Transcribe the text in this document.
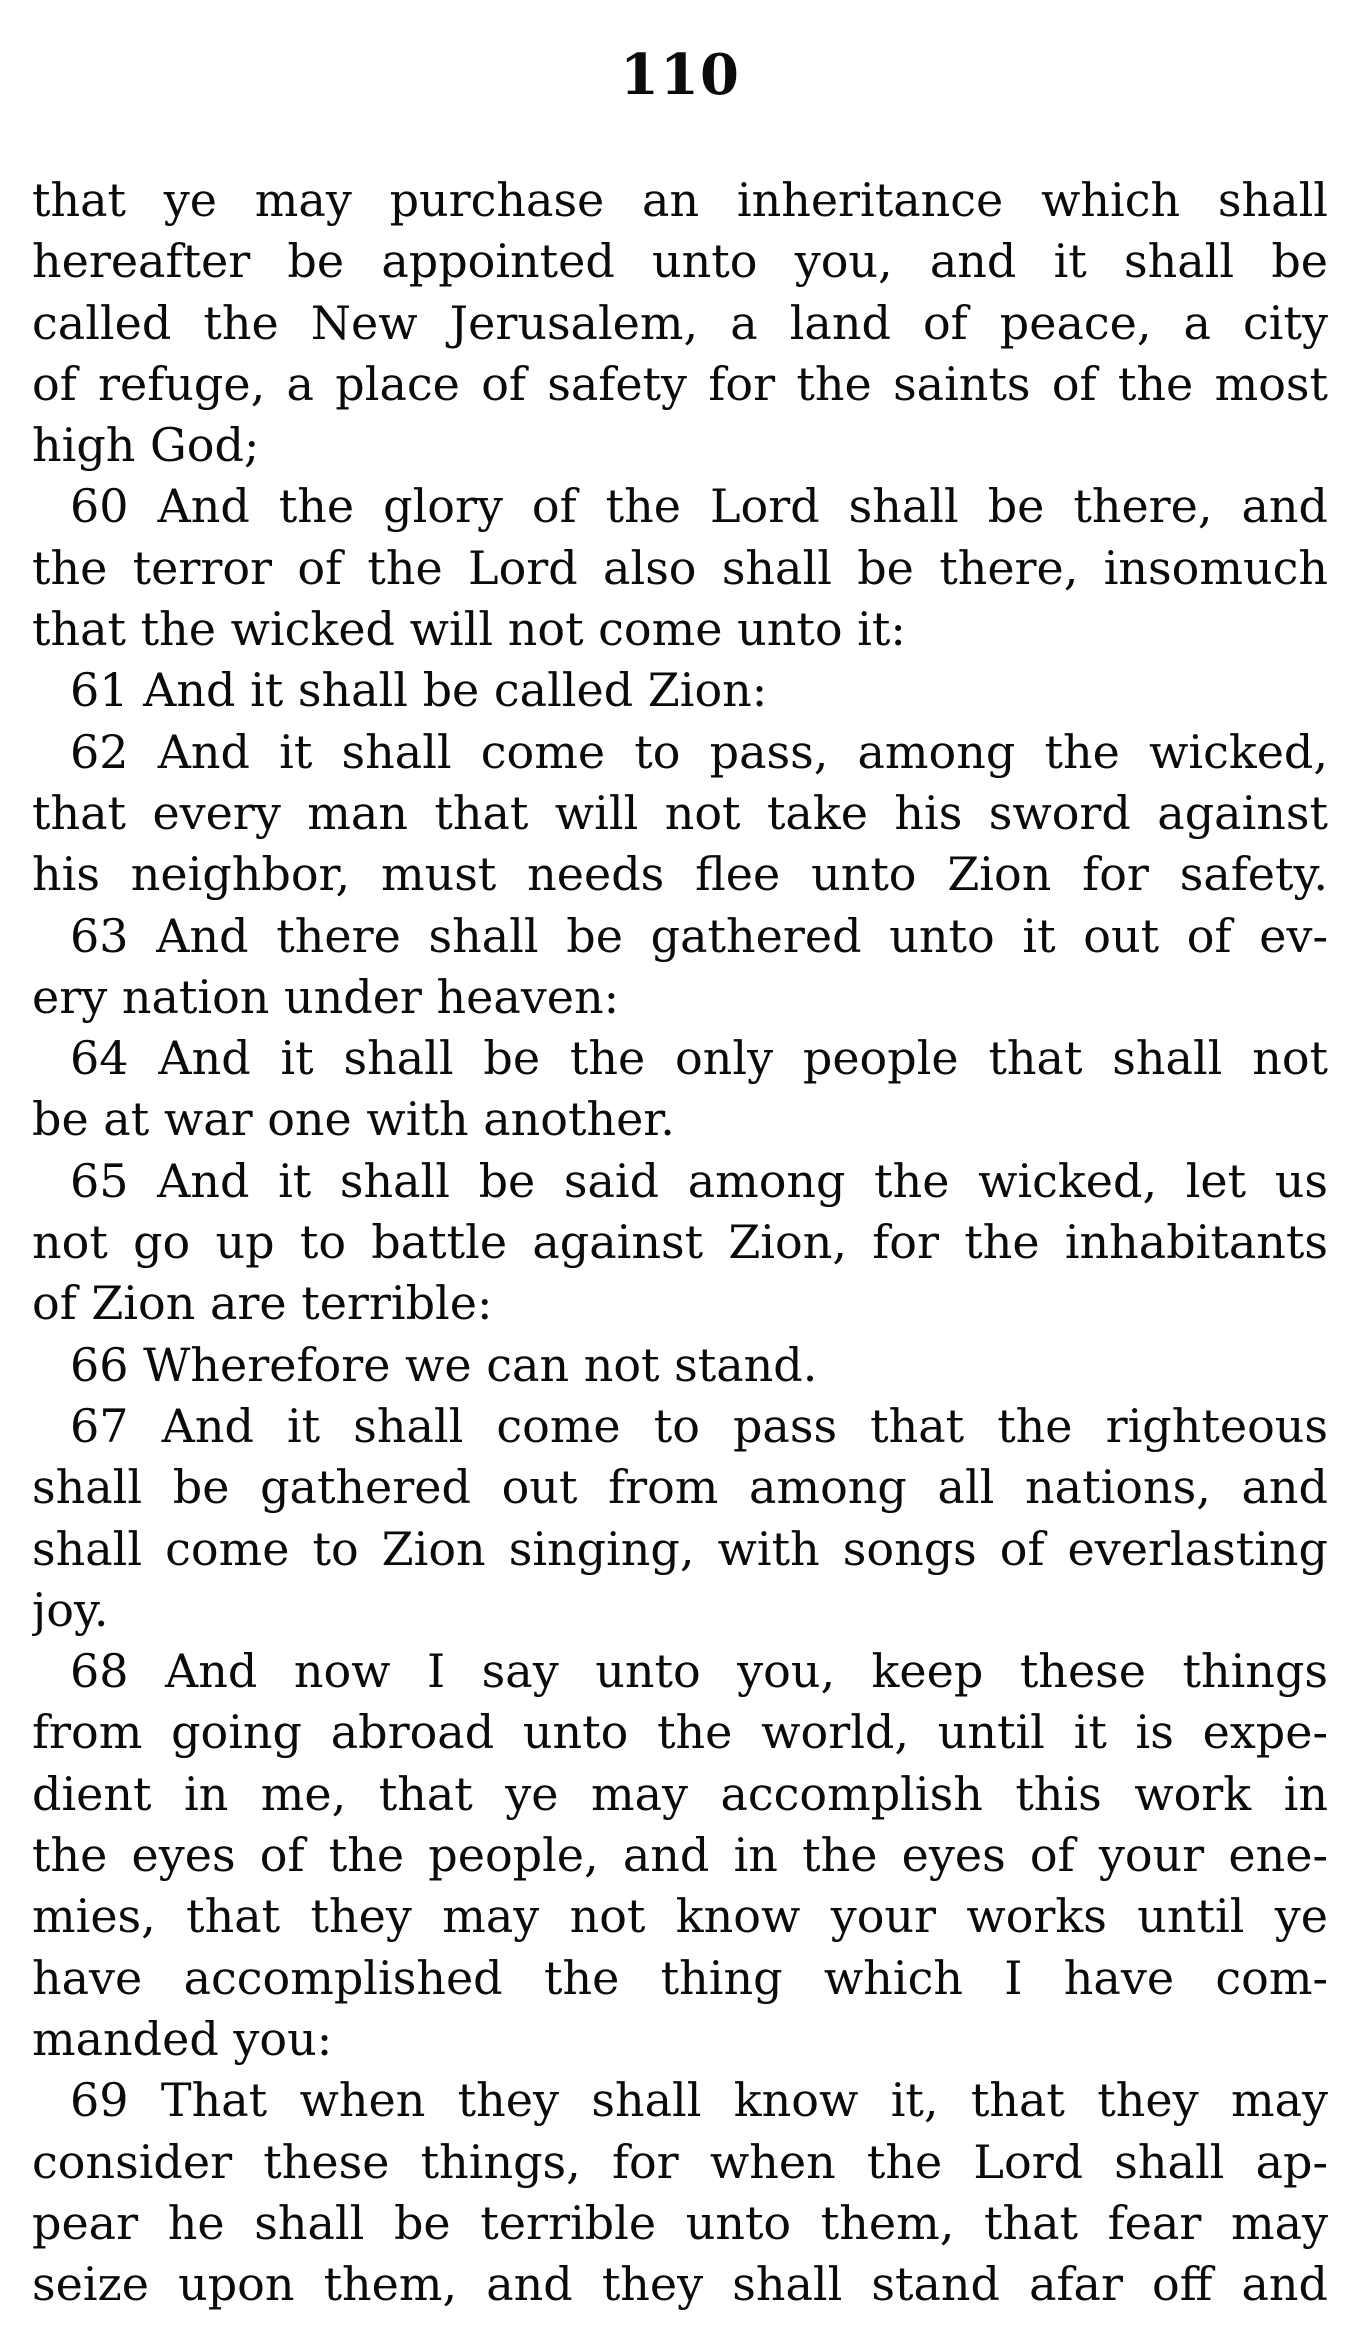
110
that ye may purchase an inheritance which shall
hereafter be appointed unto you, and it shall be
called the New Jerusalem, a land of peace, a city
of refuge, a place of safety for the saints of the most
high God;
60 And the glory of the Lord shall be there, and
the terror of the Lord also shall be there, insomuch
that the wicked will not come unto it:
61 And it shall be called Zion:
62 And it shall come to pass, among the wicked,
that every man that will not take his sword against
his neighbor, must needs flee unto Zion for safety.
63 And there shall be gathered unto it out of ev-
ery nation under heaven:
64 And it shall be the only people that shall not
be at war one with another.
65 And it shall be said among the wicked, let us
not go up to battle against Zion, for the inhabitants
of Zion are terrible:
66 Wherefore we can not stand.
67 And it shall come to pass that the righteous
shall be gathered out from among all nations, and
shall come to Zion singing, with songs of everlasting
joy.
68 And now I say unto you, keep these things
from going abroad unto the world, until it is expe-
dient in me, that ye may accomplish this work in
the eyes of the people, and in the eyes of your ene-
mies, that they may not know your works until ye
have accomplished the thing which I have com-
manded you:
69 That when they shall know it, that they may
consider these things, for when the Lord shall ap-
pear he shall be terrible unto them, that fear may
seize upon them, and they shall stand afar off and
